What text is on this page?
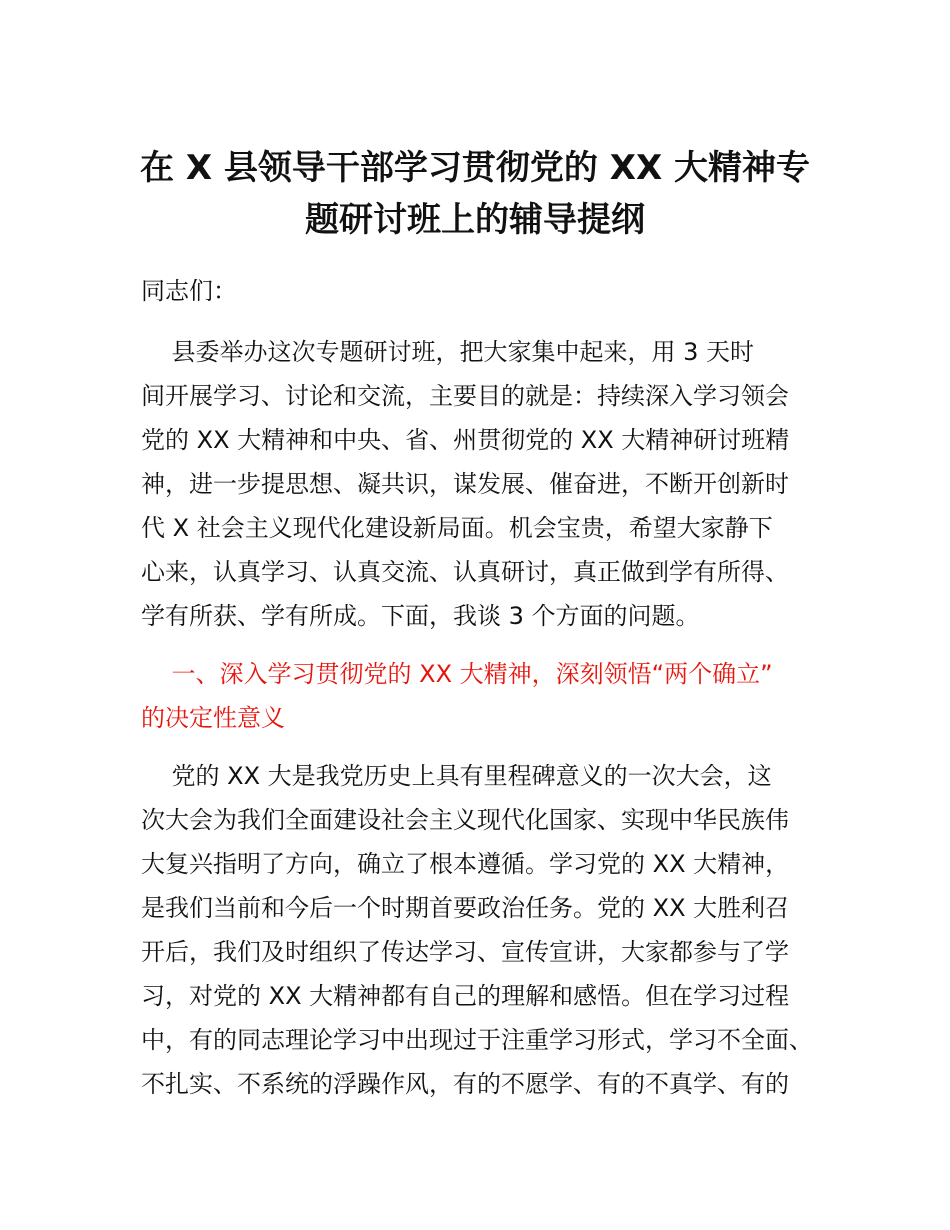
在 X 县领导干部学习贯彻党的 XX 大精神专
题研讨班上的辅导提纲

同志们：

县委举办这次专题研讨班，把大家集中起来，用 3 天时
间开展学习、讨论和交流，主要目的就是：持续深入学习领会
党的 XX 大精神和中央、省、州贯彻党的 XX 大精神研讨班精
神，进一步提思想、凝共识，谋发展、催奋进，不断开创新时
代 X 社会主义现代化建设新局面。机会宝贵，希望大家静下
心来，认真学习、认真交流、认真研讨，真正做到学有所得、
学有所获、学有所成。下面，我谈 3 个方面的问题。

一、深入学习贯彻党的 XX 大精神，深刻领悟“两个确立”
的决定性意义

党的 XX 大是我党历史上具有里程碑意义的一次大会，这
次大会为我们全面建设社会主义现代化国家、实现中华民族伟
大复兴指明了方向，确立了根本遵循。学习党的 XX 大精神，
是我们当前和今后一个时期首要政治任务。党的 XX 大胜利召
开后，我们及时组织了传达学习、宣传宣讲，大家都参与了学
习，对党的 XX 大精神都有自己的理解和感悟。但在学习过程
中，有的同志理论学习中出现过于注重学习形式，学习不全面、
不扎实、不系统的浮躁作风，有的不愿学、有的不真学、有的
